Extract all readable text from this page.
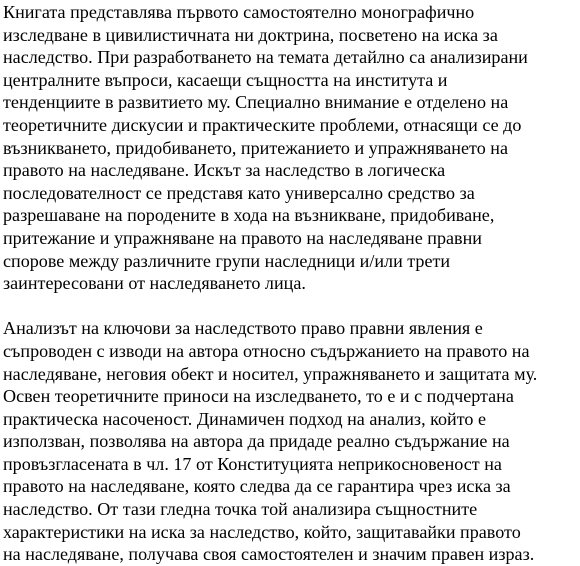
Книгата представлява първото самостоятелно монографично
изследване в цивилистичната ни доктрина, посветено на иска за
наследство. При разработването на темата детайлно са анализирани
централните въпроси, касаещи същността на института и
тенденциите в развитието му. Специално внимание е отделено на
теоретичните дискусии и практическите проблеми, отнасящи се до
възникването, придобиването, притежанието и упражняването на
правото на наследяване. Искът за наследство в логическа
последователност се представя като универсално средство за
разрешаване на породените в хода на възникване, придобиване,
притежание и упражняване на правото на наследяване правни
спорове между различните групи наследници и/или трети
заинтересовани от наследяването лица.
Анализът на ключови за наследството право правни явления е
съпроводен с изводи на автора относно съдържанието на правото на
наследяване, неговия обект и носител, упражняването и защитата му.
Освен теоретичните приноси на изследването, то е и с подчертана
практическа насоченост. Динамичен подход на анализ, който е
използван, позволява на автора да придаде реално съдържание на
провъзгласената в чл. 17 от Конституцията неприкосновеност на
правото на наследяване, която следва да се гарантира чрез иска за
наследство. От тази гледна точка той анализира същностните
характеристики на иска за наследство, който, защитавайки правото
на наследяване, получава своя самостоятелен и значим правен израз.
